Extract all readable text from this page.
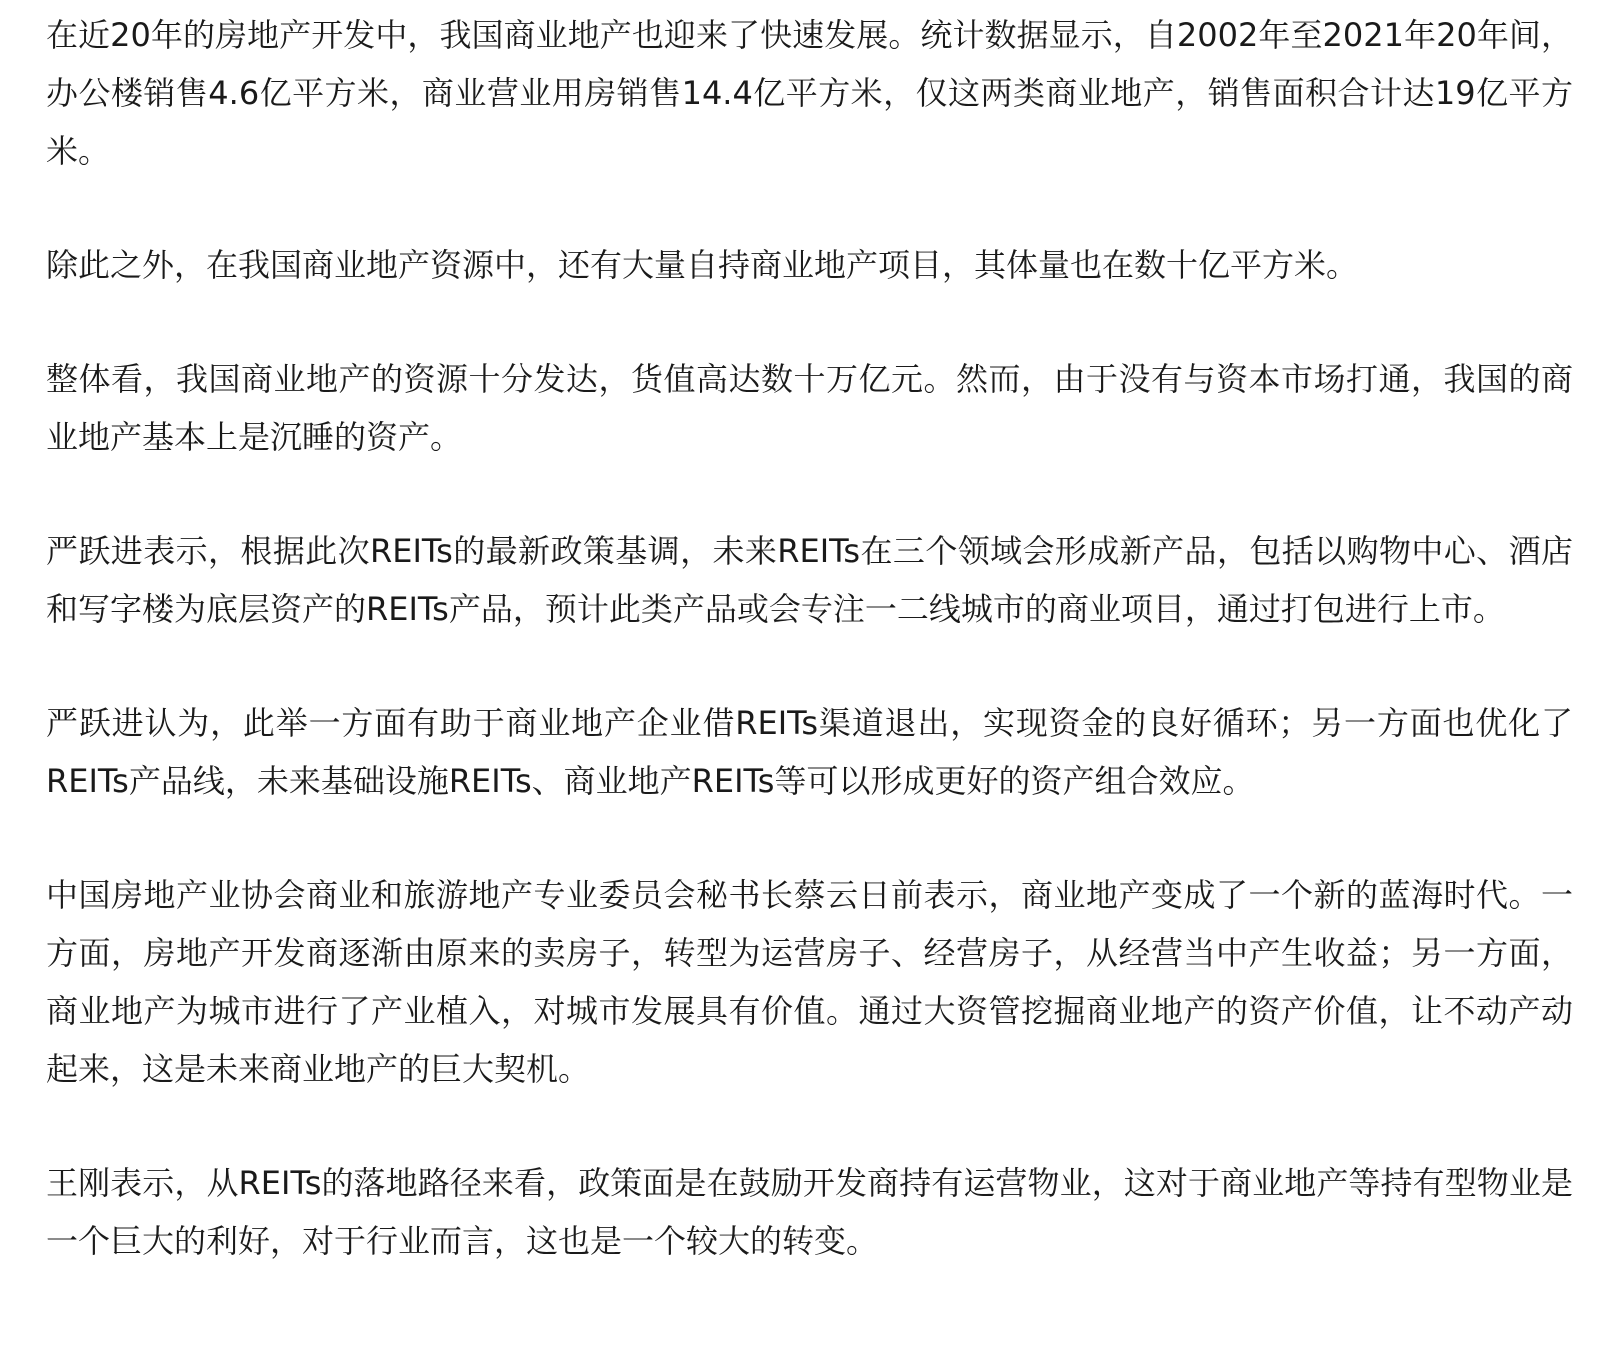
在近20年的房地产开发中，我国商业地产也迎来了快速发展。统计数据显示，自2002年至2021年20年间，办公楼销售4.6亿平方米，商业营业用房销售14.4亿平方米，仅这两类商业地产，销售面积合计达19亿平方米。

除此之外，在我国商业地产资源中，还有大量自持商业地产项目，其体量也在数十亿平方米。

整体看，我国商业地产的资源十分发达，货值高达数十万亿元。然而，由于没有与资本市场打通，我国的商业地产基本上是沉睡的资产。

严跃进表示，根据此次REITs的最新政策基调，未来REITs在三个领域会形成新产品，包括以购物中心、酒店和写字楼为底层资产的REITs产品，预计此类产品或会专注一二线城市的商业项目，通过打包进行上市。

严跃进认为，此举一方面有助于商业地产企业借REITs渠道退出，实现资金的良好循环；另一方面也优化了REITs产品线，未来基础设施REITs、商业地产REITs等可以形成更好的资产组合效应。

中国房地产业协会商业和旅游地产专业委员会秘书长蔡云日前表示，商业地产变成了一个新的蓝海时代。一方面，房地产开发商逐渐由原来的卖房子，转型为运营房子、经营房子，从经营当中产生收益；另一方面，商业地产为城市进行了产业植入，对城市发展具有价值。通过大资管挖掘商业地产的资产价值，让不动产动起来，这是未来商业地产的巨大契机。

王刚表示，从REITs的落地路径来看，政策面是在鼓励开发商持有运营物业，这对于商业地产等持有型物业是一个巨大的利好，对于行业而言，这也是一个较大的转变。
